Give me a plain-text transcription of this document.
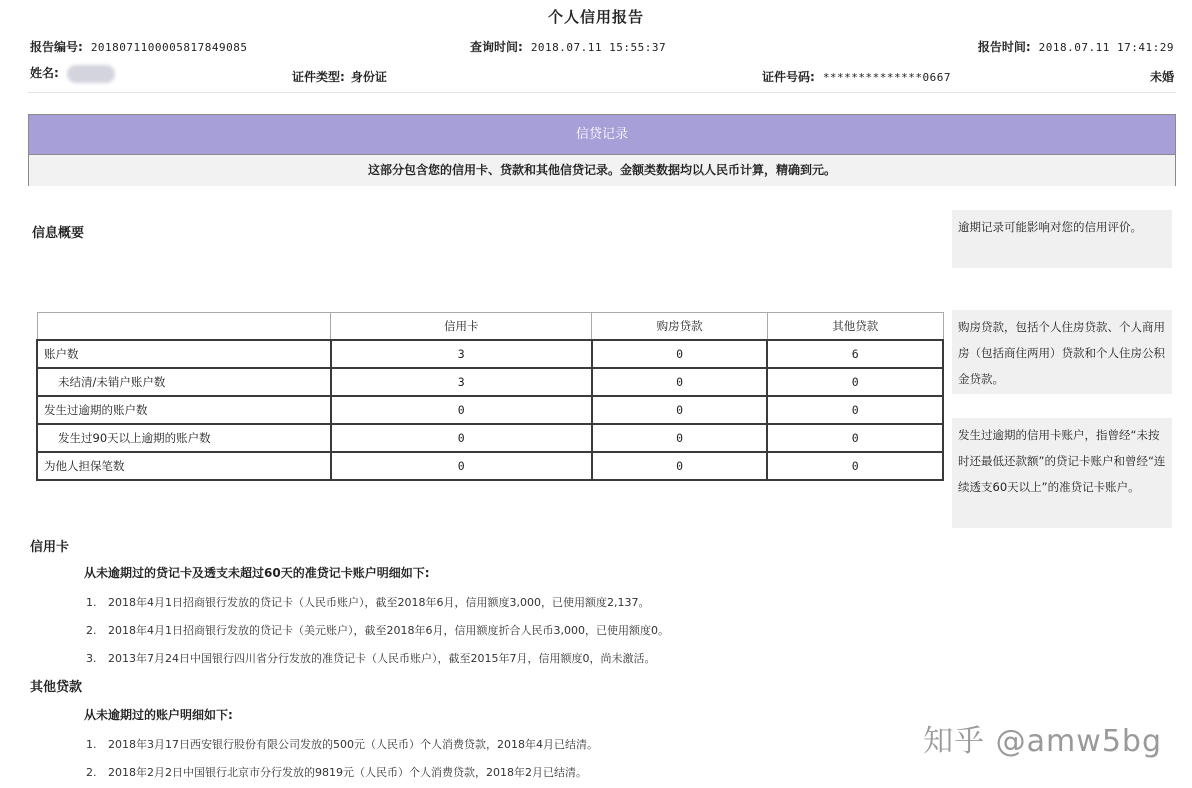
个人信用报告
报告编号: 2018071100005817849085	查询时间: 2018.07.11 15:55:37	报告时间: 2018.07.11 17:41:29
姓名:	证件类型: 身份证	证件号码: **************0667	未婚
信贷记录
这部分包含您的信用卡、贷款和其他信贷记录。金额类数据均以人民币计算，精确到元。
信息概要
	信用卡	购房贷款	其他贷款
账户数	3	0	6
未结清/未销户账户数	3	0	0
发生过逾期的账户数	0	0	0
发生过90天以上逾期的账户数	0	0	0
为他人担保笔数	0	0	0
逾期记录可能影响对您的信用评价。
购房贷款，包括个人住房贷款、个人商用房（包括商住两用）贷款和个人住房公积金贷款。
发生过逾期的信用卡账户，指曾经“未按时还最低还款额”的贷记卡账户和曾经“连续透支60天以上”的准贷记卡账户。
信用卡
从未逾期过的贷记卡及透支未超过60天的准贷记卡账户明细如下:
1. 2018年4月1日招商银行发放的贷记卡（人民币账户），截至2018年6月，信用额度3,000，已使用额度2,137。
2. 2018年4月1日招商银行发放的贷记卡（美元账户），截至2018年6月，信用额度折合人民币3,000，已使用额度0。
3. 2013年7月24日中国银行四川省分行发放的准贷记卡（人民币账户），截至2015年7月，信用额度0，尚未激活。
其他贷款
从未逾期过的账户明细如下:
1. 2018年3月17日西安银行股份有限公司发放的500元（人民币）个人消费贷款，2018年4月已结清。
2. 2018年2月2日中国银行北京市分行发放的9819元（人民币）个人消费贷款，2018年2月已结清。
知乎 @amw5bg
